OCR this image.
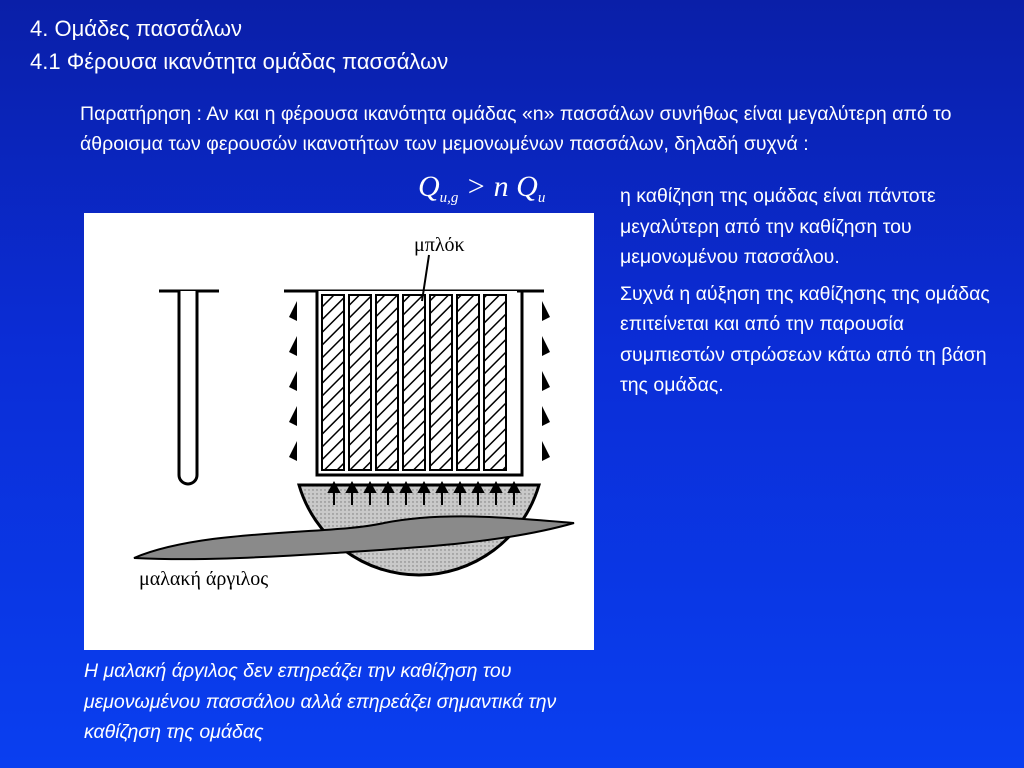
4. Ομάδες πασσάλων
4.1 Φέρουσα ικανότητα ομάδας πασσάλων
Παρατήρηση : Αν και η φέρουσα ικανότητα ομάδας «n» πασσάλων συνήθως είναι μεγαλύτερη από το άθροισμα των φερουσών ικανοτήτων των μεμονωμένων πασσάλων, δηλαδή συχνά :
$Q_{u,g} > n$ $Q_u$	η καθίζηση της ομάδας είναι πάντοτε μεγαλύτερη από την καθίζηση του μεμονωμένου πασσάλου.

Συχνά η αύξηση της καθίζησης της ομάδας επιτείνεται και από την παρουσία συμπιεστών στρώσεων κάτω από τη βάση της ομάδας.

μπλόκ
μαλακή άργιλος
Η μαλακή άργιλος δεν επηρεάζει την καθίζηση του μεμονωμένου πασσάλου αλλά επηρεάζει σημαντικά την καθίζηση της ομάδας
